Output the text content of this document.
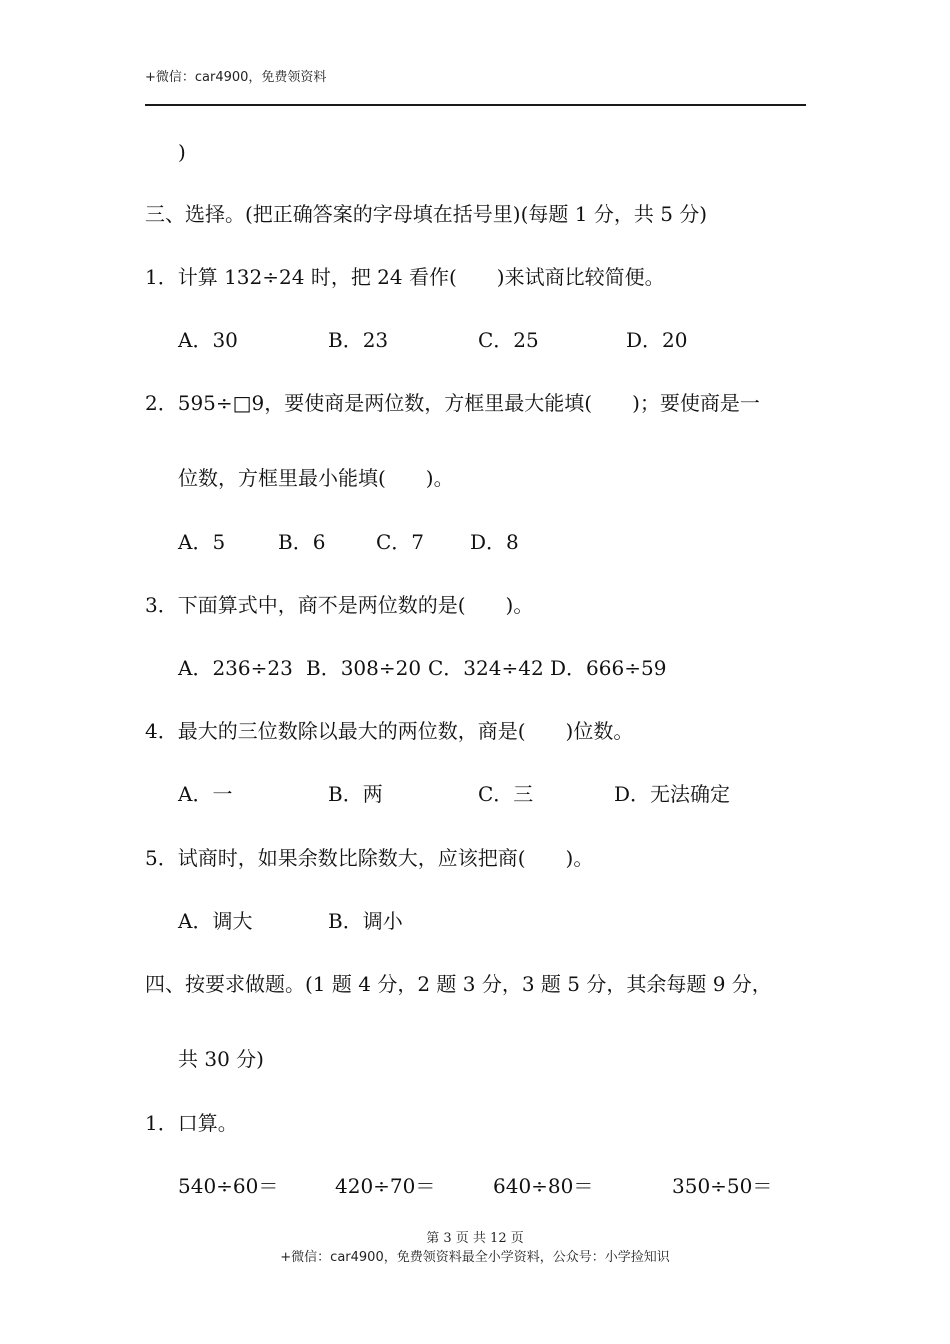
+微信：car4900，免费领资料
)
三、选择。(把正确答案的字母填在括号里)(每题 1 分，共 5 分)
1．计算 132÷24 时，把 24 看作(　　)来试商比较简便。
A．30	B．23	C．25	D．20
2．595÷□9，要使商是两位数，方框里最大能填(　　)；要使商是一
位数，方框里最小能填(　　)。
A．5	B．6	C．7 D．8
3．下面算式中，商不是两位数的是(　　)。
A．236÷23 B．308÷20 C．324÷42 D．666÷59
4．最大的三位数除以最大的两位数，商是(　　)位数。
A．一	B．两	C．三	D．无法确定
5．试商时，如果余数比除数大，应该把商(　　)。
A．调大	B．调小
四、按要求做题。(1 题 4 分，2 题 3 分，3 题 5 分，其余每题 9 分，
共 30 分)
1．口算。
540÷60＝	420÷70＝	640÷80＝	350÷50＝
第 3 页 共 12 页
+微信：car4900，免费领资料最全小学资料，公众号：小学捡知识
